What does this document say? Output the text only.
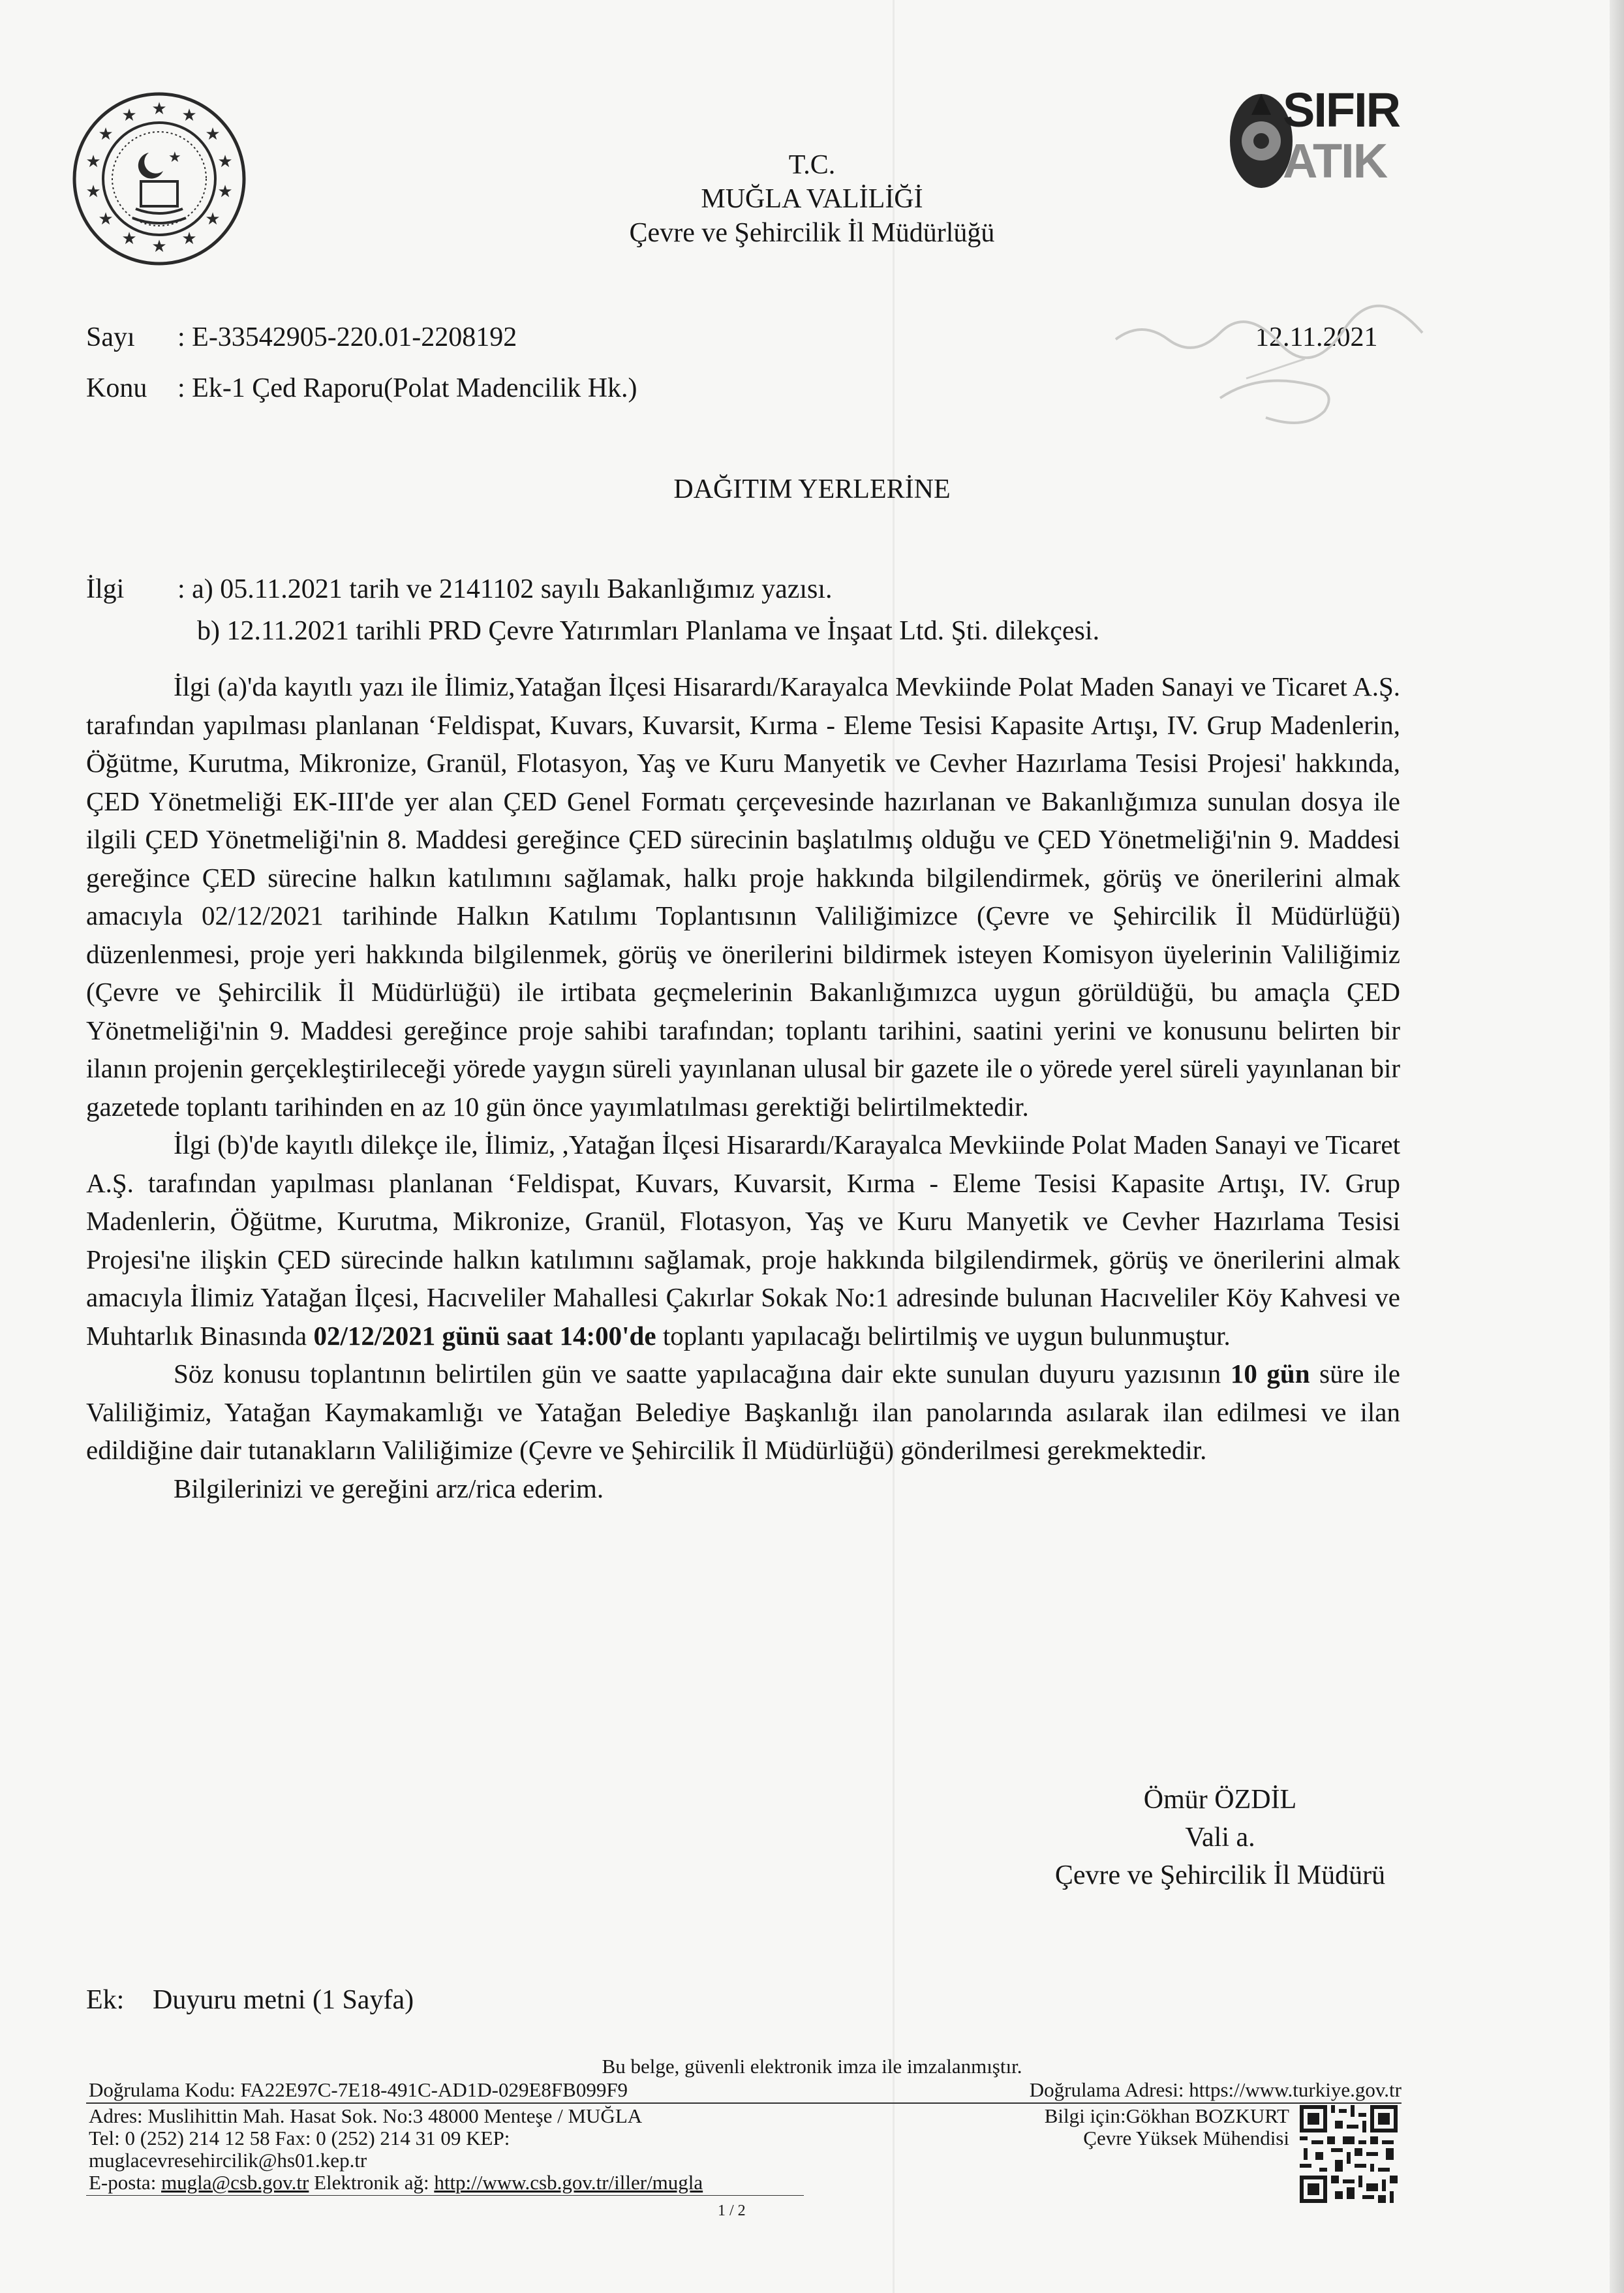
★ ★
★
★
★
★
★
★
★
★
★
★
★
★
★
SIFIR
ATIK
T.C.
MUĞLA VALİLİĞİ
Çevre ve Şehircilik İl Müdürlüğü
Sayı : E-33542905-220.01-2208192	12.11.2021
Konu : Ek-1 Çed Raporu(Polat Madencilik Hk.)
DAĞITIM YERLERİNE
İlgi : a) 05.11.2021 tarih ve 2141102 sayılı Bakanlığımız yazısı.
b) 12.11.2021 tarihli PRD Çevre Yatırımları Planlama ve İnşaat Ltd. Şti. dilekçesi.

İlgi (a)'da kayıtlı yazı ile İlimiz,Yatağan İlçesi Hisarardı/Karayalca Mevkiinde Polat Maden Sanayi ve Ticaret A.Ş. tarafından yapılması planlanan ‘Feldispat, Kuvars, Kuvarsit, Kırma - Eleme Tesisi Kapasite Artışı, IV. Grup Madenlerin, Öğütme, Kurutma, Mikronize, Granül, Flotasyon, Yaş ve Kuru Manyetik ve Cevher Hazırlama Tesisi Projesi' hakkında, ÇED Yönetmeliği EK-III'de yer alan ÇED Genel Formatı çerçevesinde hazırlanan ve Bakanlığımıza sunulan dosya ile ilgili ÇED Yönetmeliği'nin 8. Maddesi gereğince ÇED sürecinin başlatılmış olduğu ve ÇED Yönetmeliği'nin 9. Maddesi gereğince ÇED sürecine halkın katılımını sağlamak, halkı proje hakkında bilgilendirmek, görüş ve önerilerini almak amacıyla 02/12/2021 tarihinde Halkın Katılımı Toplantısının Valiliğimizce (Çevre ve Şehircilik İl Müdürlüğü) düzenlenmesi, proje yeri hakkında bilgilenmek, görüş ve önerilerini bildirmek isteyen Komisyon üyelerinin Valiliğimiz (Çevre ve Şehircilik İl Müdürlüğü) ile irtibata geçmelerinin Bakanlığımızca uygun görüldüğü, bu amaçla ÇED Yönetmeliği'nin 9. Maddesi gereğince proje sahibi tarafından; toplantı tarihini, saatini yerini ve konusunu belirten bir ilanın projenin gerçekleştirileceği yörede yaygın süreli yayınlanan ulusal bir gazete ile o yörede yerel süreli yayınlanan bir gazetede toplantı tarihinden en az 10 gün önce yayımlatılması gerektiği belirtilmektedir.

İlgi (b)'de kayıtlı dilekçe ile, İlimiz, ,Yatağan İlçesi Hisarardı/Karayalca Mevkiinde Polat Maden Sanayi ve Ticaret A.Ş. tarafından yapılması planlanan ‘Feldispat, Kuvars, Kuvarsit, Kırma - Eleme Tesisi Kapasite Artışı, IV. Grup Madenlerin, Öğütme, Kurutma, Mikronize, Granül, Flotasyon, Yaş ve Kuru Manyetik ve Cevher Hazırlama Tesisi Projesi'ne ilişkin ÇED sürecinde halkın katılımını sağlamak, proje hakkında bilgilendirmek, görüş ve önerilerini almak amacıyla İlimiz Yatağan İlçesi, Hacıveliler Mahallesi Çakırlar Sokak No:1 adresinde bulunan Hacıveliler Köy Kahvesi ve Muhtarlık Binasında 02/12/2021 günü saat 14:00'de toplantı yapılacağı belirtilmiş ve uygun bulunmuştur.

Söz konusu toplantının belirtilen gün ve saatte yapılacağına dair ekte sunulan duyuru yazısının 10 gün süre ile Valiliğimiz, Yatağan Kaymakamlığı ve Yatağan Belediye Başkanlığı ilan panolarında asılarak ilan edilmesi ve ilan edildiğine dair tutanakların Valiliğimize (Çevre ve Şehircilik İl Müdürlüğü) gönderilmesi gerekmektedir.

Bilgilerinizi ve gereğini arz/rica ederim.

Ömür ÖZDİL
Vali a.
Çevre ve Şehircilik İl Müdürü
Ek: Duyuru metni (1 Sayfa)
Bu belge, güvenli elektronik imza ile imzalanmıştır.
Doğrulama Kodu: FA22E97C-7E18-491C-AD1D-029E8FB099F9	Doğrulama Adresi: https://www.turkiye.gov.tr
Adres: Muslihittin Mah. Hasat Sok. No:3 48000 Menteşe / MUĞLA
Tel: 0 (252) 214 12 58 Fax: 0 (252) 214 31 09 KEP:
muglacevresehircilik@hs01.kep.tr
E-posta: mugla@csb.gov.tr Elektronik ağ: http://www.csb.gov.tr/iller/mugla
Bilgi için:Gökhan BOZKURT
Çevre Yüksek Mühendisi
1 / 2
